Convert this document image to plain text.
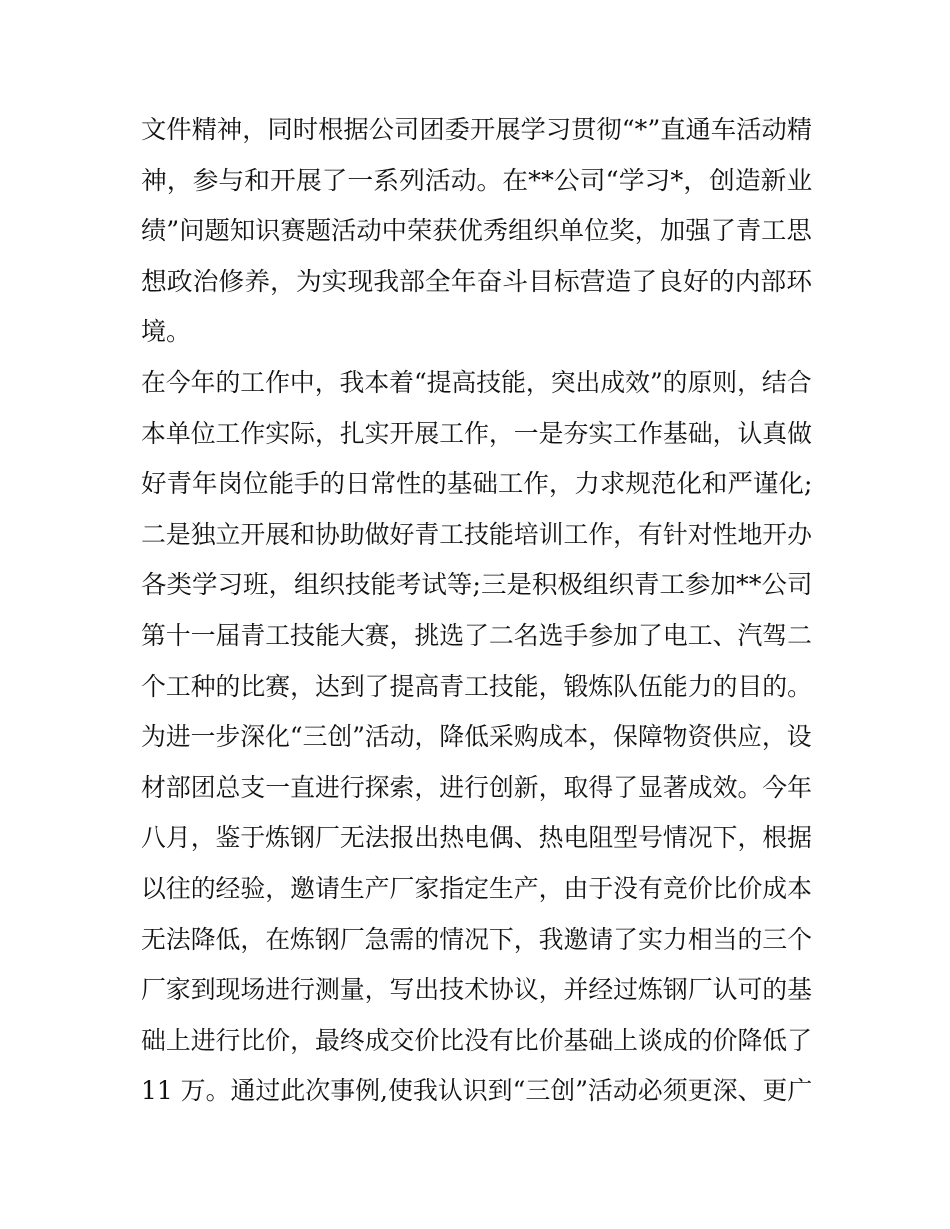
文件精神，同时根据公司团委开展学习贯彻“*”直通车活动精
神，参与和开展了一系列活动。在**公司“学习*，创造新业
绩”问题知识赛题活动中荣获优秀组织单位奖，加强了青工思
想政治修养，为实现我部全年奋斗目标营造了良好的内部环
境。
在今年的工作中，我本着“提高技能，突出成效”的原则，结合
本单位工作实际，扎实开展工作，一是夯实工作基础，认真做
好青年岗位能手的日常性的基础工作，力求规范化和严谨化;
二是独立开展和协助做好青工技能培训工作，有针对性地开办
各类学习班，组织技能考试等;三是积极组织青工参加**公司
第十一届青工技能大赛，挑选了二名选手参加了电工、汽驾二
个工种的比赛，达到了提高青工技能，锻炼队伍能力的目的。
为进一步深化“三创”活动，降低采购成本，保障物资供应，设
材部团总支一直进行探索，进行创新，取得了显著成效。今年
八月，鉴于炼钢厂无法报出热电偶、热电阻型号情况下，根据
以往的经验，邀请生产厂家指定生产，由于没有竞价比价成本
无法降低，在炼钢厂急需的情况下，我邀请了实力相当的三个
厂家到现场进行测量，写出技术协议，并经过炼钢厂认可的基
础上进行比价，最终成交价比没有比价基础上谈成的价降低了
11 万。通过此次事例,使我认识到“三创”活动必须更深、更广
